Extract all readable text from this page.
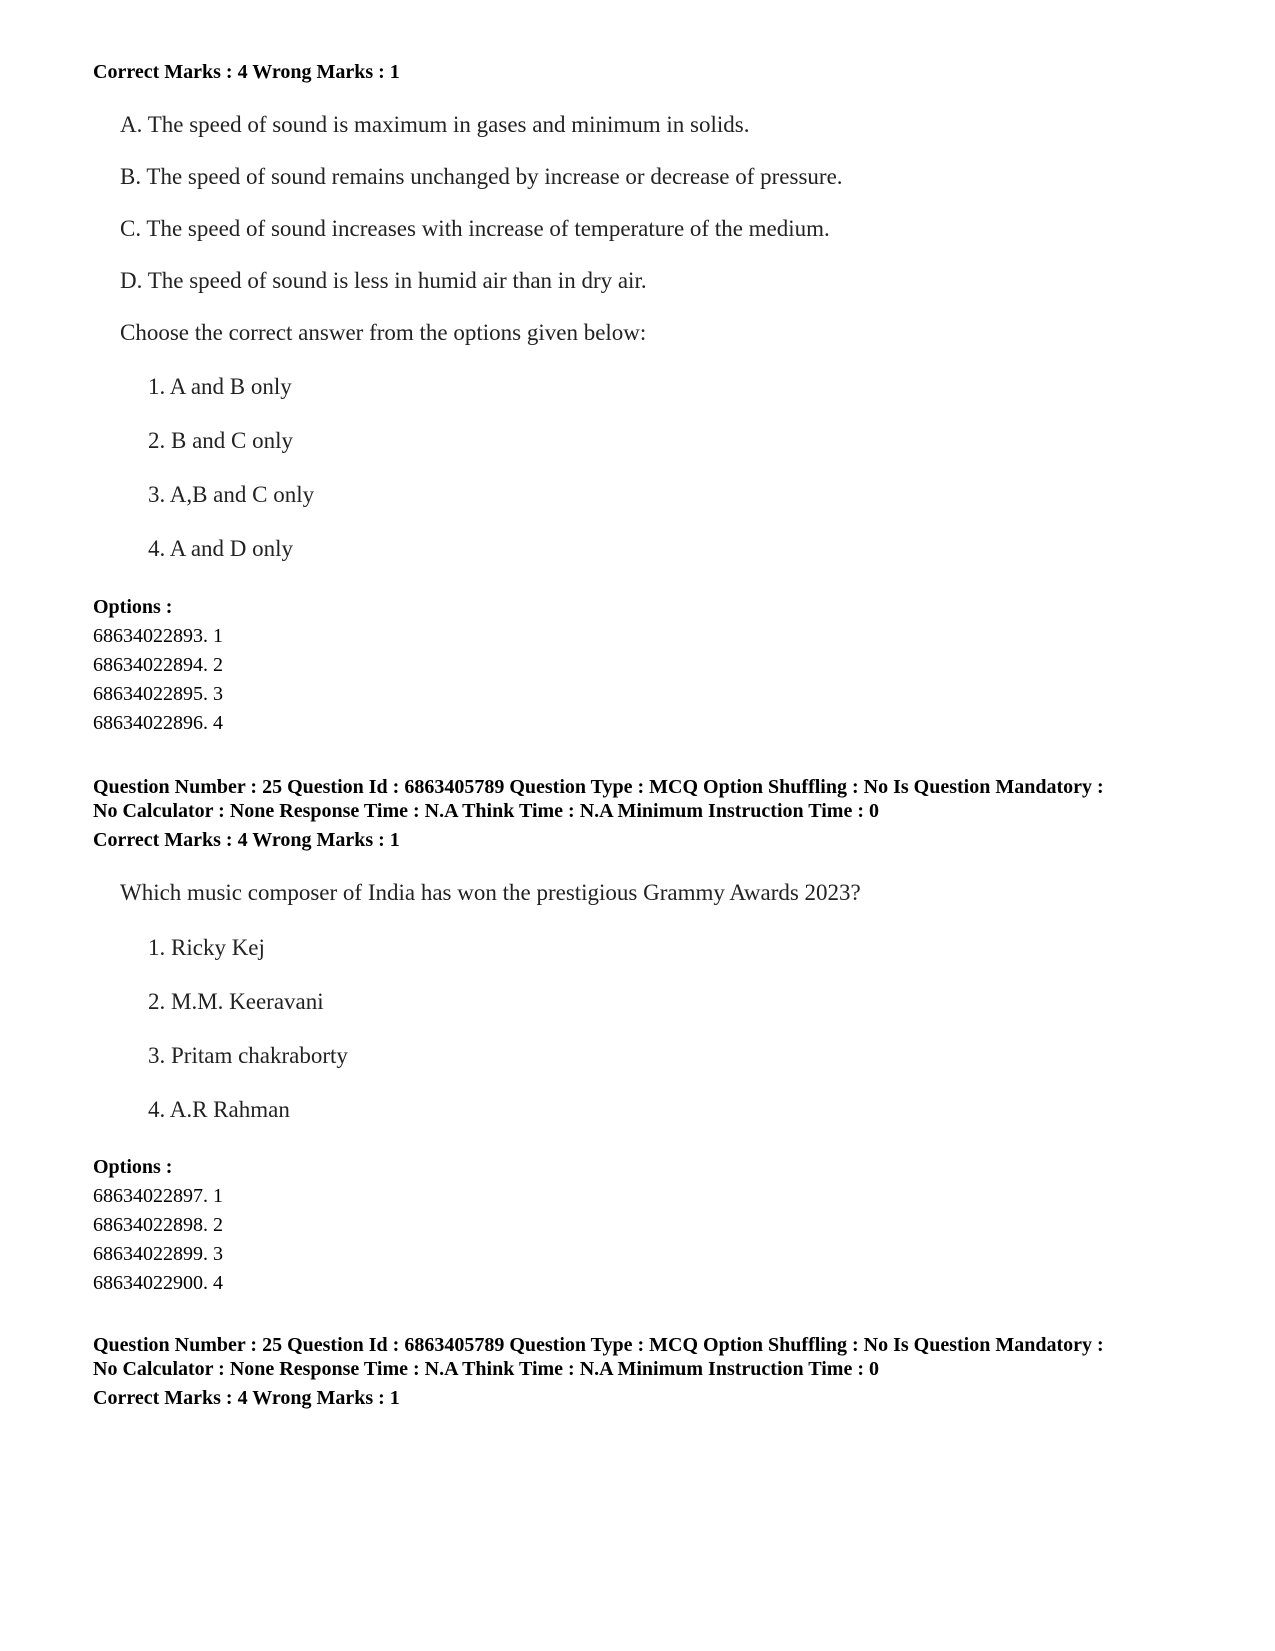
Correct Marks : 4 Wrong Marks : 1
A. The speed of sound is maximum in gases and minimum in solids.
B. The speed of sound remains unchanged by increase or decrease of pressure.
C. The speed of sound increases with increase of temperature of the medium.
D. The speed of sound is less in humid air than in dry air.
Choose the correct answer from the options given below:
1. A and B only
2. B and C only
3. A,B and C only
4. A and D only
Options :
68634022893. 1
68634022894. 2
68634022895. 3
68634022896. 4
Question Number : 25 Question Id : 6863405789 Question Type : MCQ Option Shuffling : No Is Question Mandatory :
No Calculator : None Response Time : N.A Think Time : N.A Minimum Instruction Time : 0
Correct Marks : 4 Wrong Marks : 1
Which music composer of India has won the prestigious Grammy Awards 2023?
1. Ricky Kej
2. M.M. Keeravani
3. Pritam chakraborty
4. A.R Rahman
Options :
68634022897. 1
68634022898. 2
68634022899. 3
68634022900. 4
Question Number : 25 Question Id : 6863405789 Question Type : MCQ Option Shuffling : No Is Question Mandatory :
No Calculator : None Response Time : N.A Think Time : N.A Minimum Instruction Time : 0
Correct Marks : 4 Wrong Marks : 1
